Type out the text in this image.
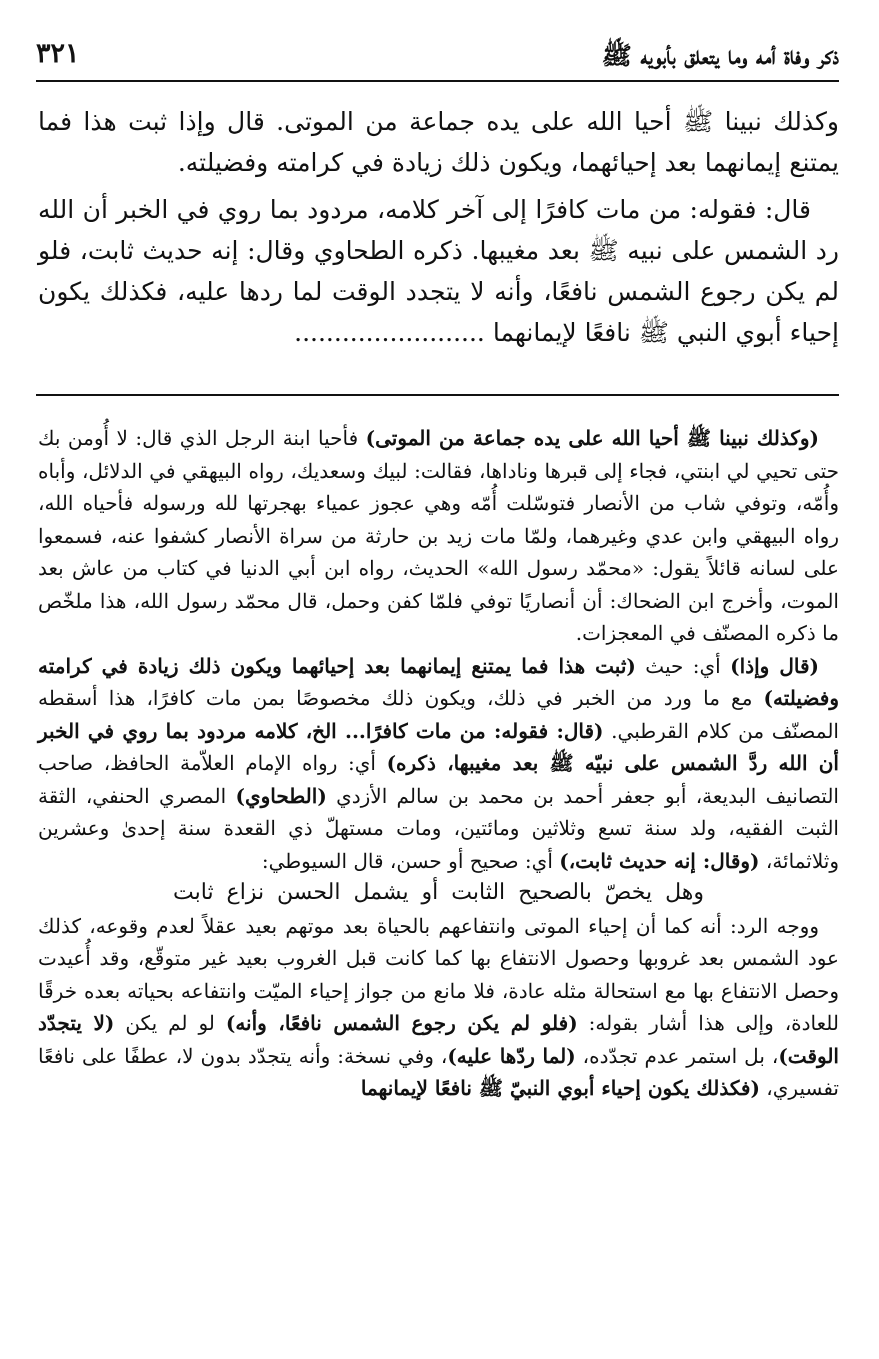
ذكر وفاة أمه وما يتعلق بأبويه ﷺ
٣٢١

وكذلك نبينا ﷺ أحيا الله على يده جماعة من الموتى. قال وإذا ثبت هذا فما يمتنع إيمانهما بعد إحيائهما، ويكون ذلك زيادة في كرامته وفضيلته.

قال: فقوله: من مات كافرًا إلى آخر كلامه، مردود بما روي في الخبر أن الله رد الشمس على نبيه ﷺ بعد مغيبها. ذكره الطحاوي وقال: إنه حديث ثابت، فلو لم يكن رجوع الشمس نافعًا، وأنه لا يتجدد الوقت لما ردها عليه، فكذلك يكون إحياء أبوي النبي ﷺ نافعًا لإيمانهما ........................

(وكذلك نبينا ﷺ أحيا الله على يده جماعة من الموتى) فأحيا ابنة الرجل الذي قال: لا أُومن بك حتى تحيي لي ابنتي، فجاء إلى قبرها وناداها، فقالت: لبيك وسعديك، رواه البيهقي في الدلائل، وأباه وأُمّه، وتوفي شاب من الأنصار فتوسّلت أُمّه وهي عجوز عمياء بهجرتها لله ورسوله فأحياه الله، رواه البيهقي وابن عدي وغيرهما، ولمّا مات زيد بن حارثة من سراة الأنصار كشفوا عنه، فسمعوا على لسانه قائلاً يقول: «محمّد رسول الله» الحديث، رواه ابن أبي الدنيا في كتاب من عاش بعد الموت، وأخرج ابن الضحاك: أن أنصاريًا توفي فلمّا كفن وحمل، قال محمّد رسول الله، هذا ملخّص ما ذكره المصنّف في المعجزات.

(قال وإذا) أي: حيث (ثبت هذا فما يمتنع إيمانهما بعد إحيائهما ويكون ذلك زيادة في كرامته وفضيلته) مع ما ورد من الخبر في ذلك، ويكون ذلك مخصوصًا بمن مات كافرًا، هذا أسقطه المصنّف من كلام القرطبي. (قال: فقوله: من مات كافرًا... الخ، كلامه مردود بما روي في الخبر أن الله ردَّ الشمس على نبيّه ﷺ بعد مغيبها، ذكره) أي: رواه الإمام العلاّمة الحافظ، صاحب التصانيف البديعة، أبو جعفر أحمد بن محمد بن سالم الأزدي (الطحاوي) المصري الحنفي، الثقة الثبت الفقيه، ولد سنة تسع وثلاثين ومائتين، ومات مستهلّ ذي القعدة سنة إحدىٰ وعشرين وثلاثمائة، (وقال: إنه حديث ثابت،) أي: صحيح أو حسن، قال السيوطي:

وهل يخصّ بالصحيح الثابت أو يشمل الحسن نزاع ثابت

ووجه الرد: أنه كما أن إحياء الموتى وانتفاعهم بالحياة بعد موتهم بعيد عقلاً لعدم وقوعه، كذلك عود الشمس بعد غروبها وحصول الانتفاع بها كما كانت قبل الغروب بعيد غير متوقّع، وقد أُعيدت وحصل الانتفاع بها مع استحالة مثله عادة، فلا مانع من جواز إحياء الميّت وانتفاعه بحياته بعده خرقًا للعادة، وإلى هذا أشار بقوله: (فلو لم يكن رجوع الشمس نافعًا، وأنه) لو لم يكن (لا يتجدّد الوقت)، بل استمر عدم تجدّده، (لما ردّها عليه)، وفي نسخة: وأنه يتجدّد بدون لا، عطفًا على نافعًا تفسيري، (فكذلك يكون إحياء أبوي النبيّ ﷺ نافعًا لإيمانهما
